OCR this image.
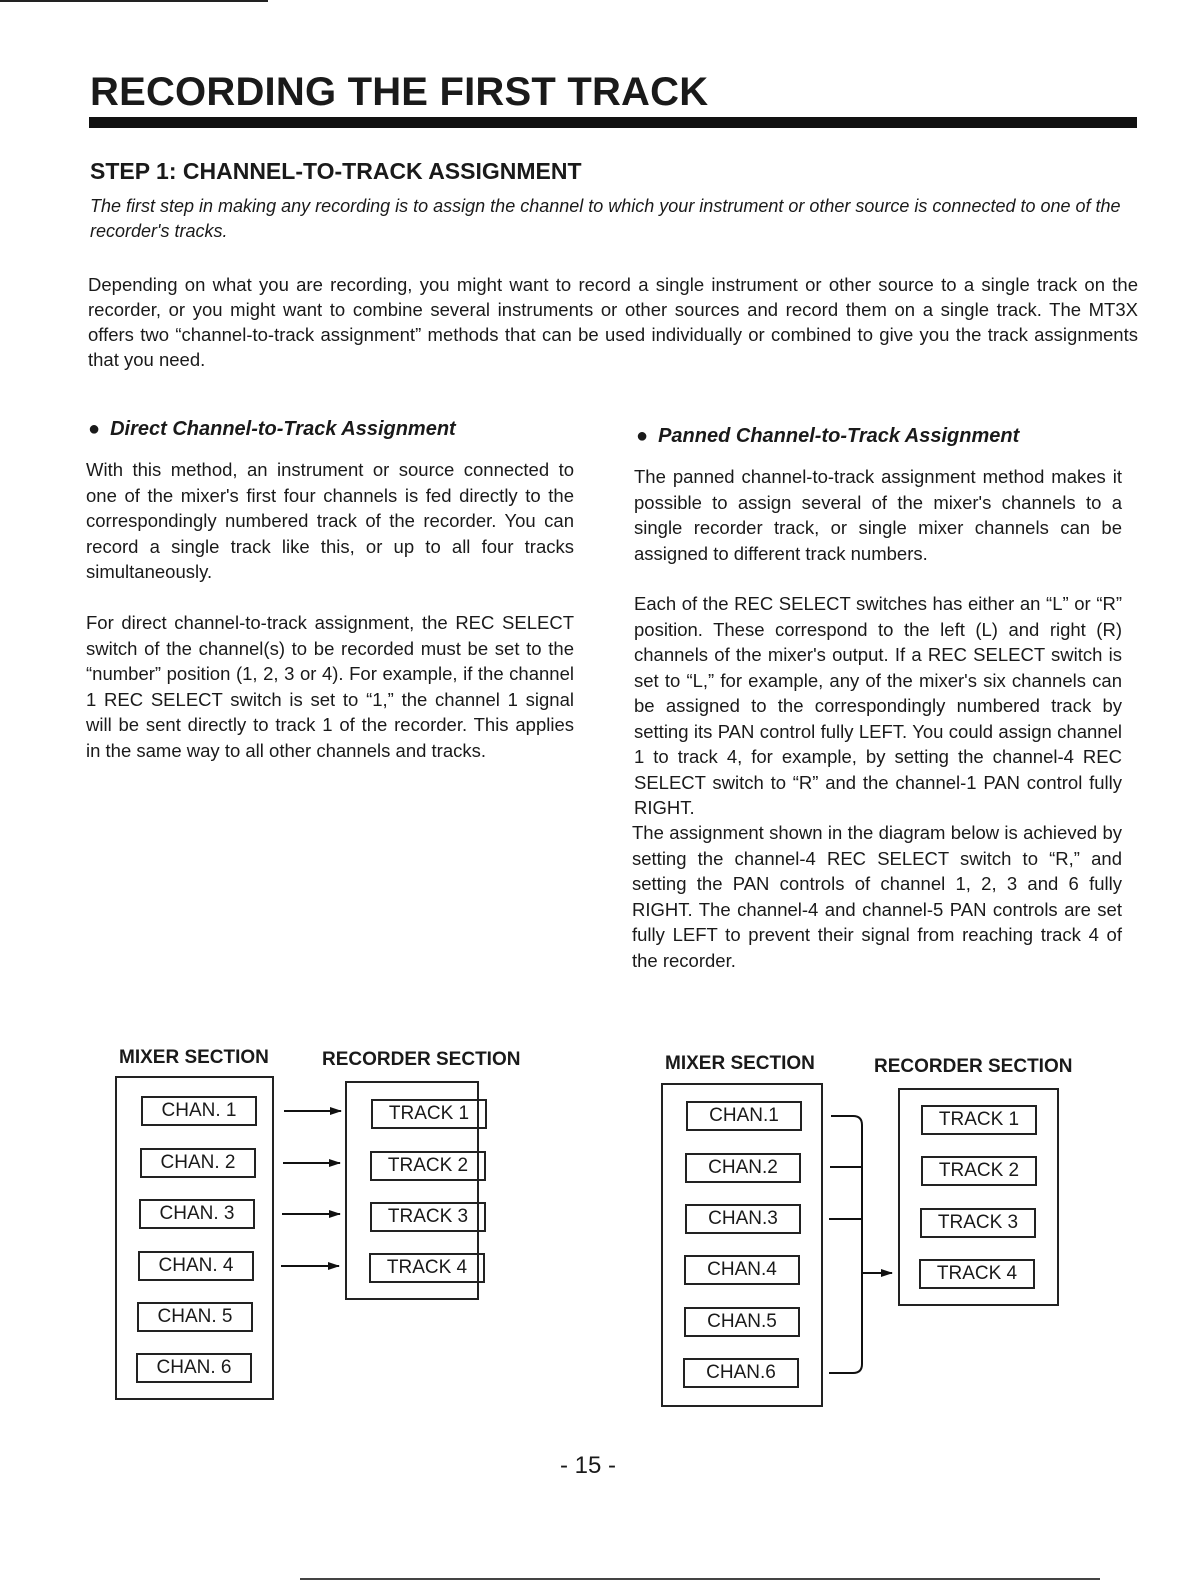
RECORDING THE FIRST TRACK
STEP 1: CHANNEL-TO-TRACK ASSIGNMENT

The first step in making any recording is to assign the channel to which your instrument or other source is connected to one of the recorder's tracks.

Depending on what you are recording, you might want to record a single instrument or other source to a single track on the recorder, or you might want to combine several instruments or other sources and record them on a single track. The MT3X offers two “channel-to-track assignment” methods that can be used individually or combined to give you the track assignments that you need.

● Direct Channel-to-Track Assignment

With this method, an instrument or source connected to one of the mixer's first four channels is fed directly to the correspondingly numbered track of the recorder. You can record a single track like this, or up to all four tracks simultaneously.

For direct channel-to-track assignment, the REC SELECT switch of the channel(s) to be recorded must be set to the “number” position (1, 2, 3 or 4). For example, if the channel 1 REC SELECT switch is set to “1,” the channel 1 signal will be sent directly to track 1 of the recorder. This applies in the same way to all other channels and tracks.

● Panned Channel-to-Track Assignment

The panned channel-to-track assignment method makes it possible to assign several of the mixer's channels to a single recorder track, or single mixer channels can be assigned to different track numbers.

Each of the REC SELECT switches has either an “L” or “R” position. These correspond to the left (L) and right (R) channels of the mixer's output. If a REC SELECT switch is set to “L,” for example, any of the mixer's six channels can be assigned to the correspondingly numbered track by setting its PAN control fully LEFT. You could assign channel 1 to track 4, for example, by setting the channel-4 REC SELECT switch to “R” and the channel-1 PAN control fully RIGHT.

The assignment shown in the diagram below is achieved by setting the channel-4 REC SELECT switch to “R,” and setting the PAN controls of channel 1, 2, 3 and 6 fully RIGHT. The channel-4 and channel-5 PAN controls are set fully LEFT to prevent their signal from reaching track 4 of the recorder.

MIXER SECTION	RECORDER SECTION
CHAN. 1
CHAN. 2
CHAN. 3
CHAN. 4
CHAN. 5
CHAN. 6
TRACK 1
TRACK 2
TRACK 3
TRACK 4
MIXER SECTION	RECORDER SECTION
CHAN.1
CHAN.2
CHAN.3
CHAN.4
CHAN.5
CHAN.6
TRACK 1
TRACK 2
TRACK 3
TRACK 4

- 15 -
